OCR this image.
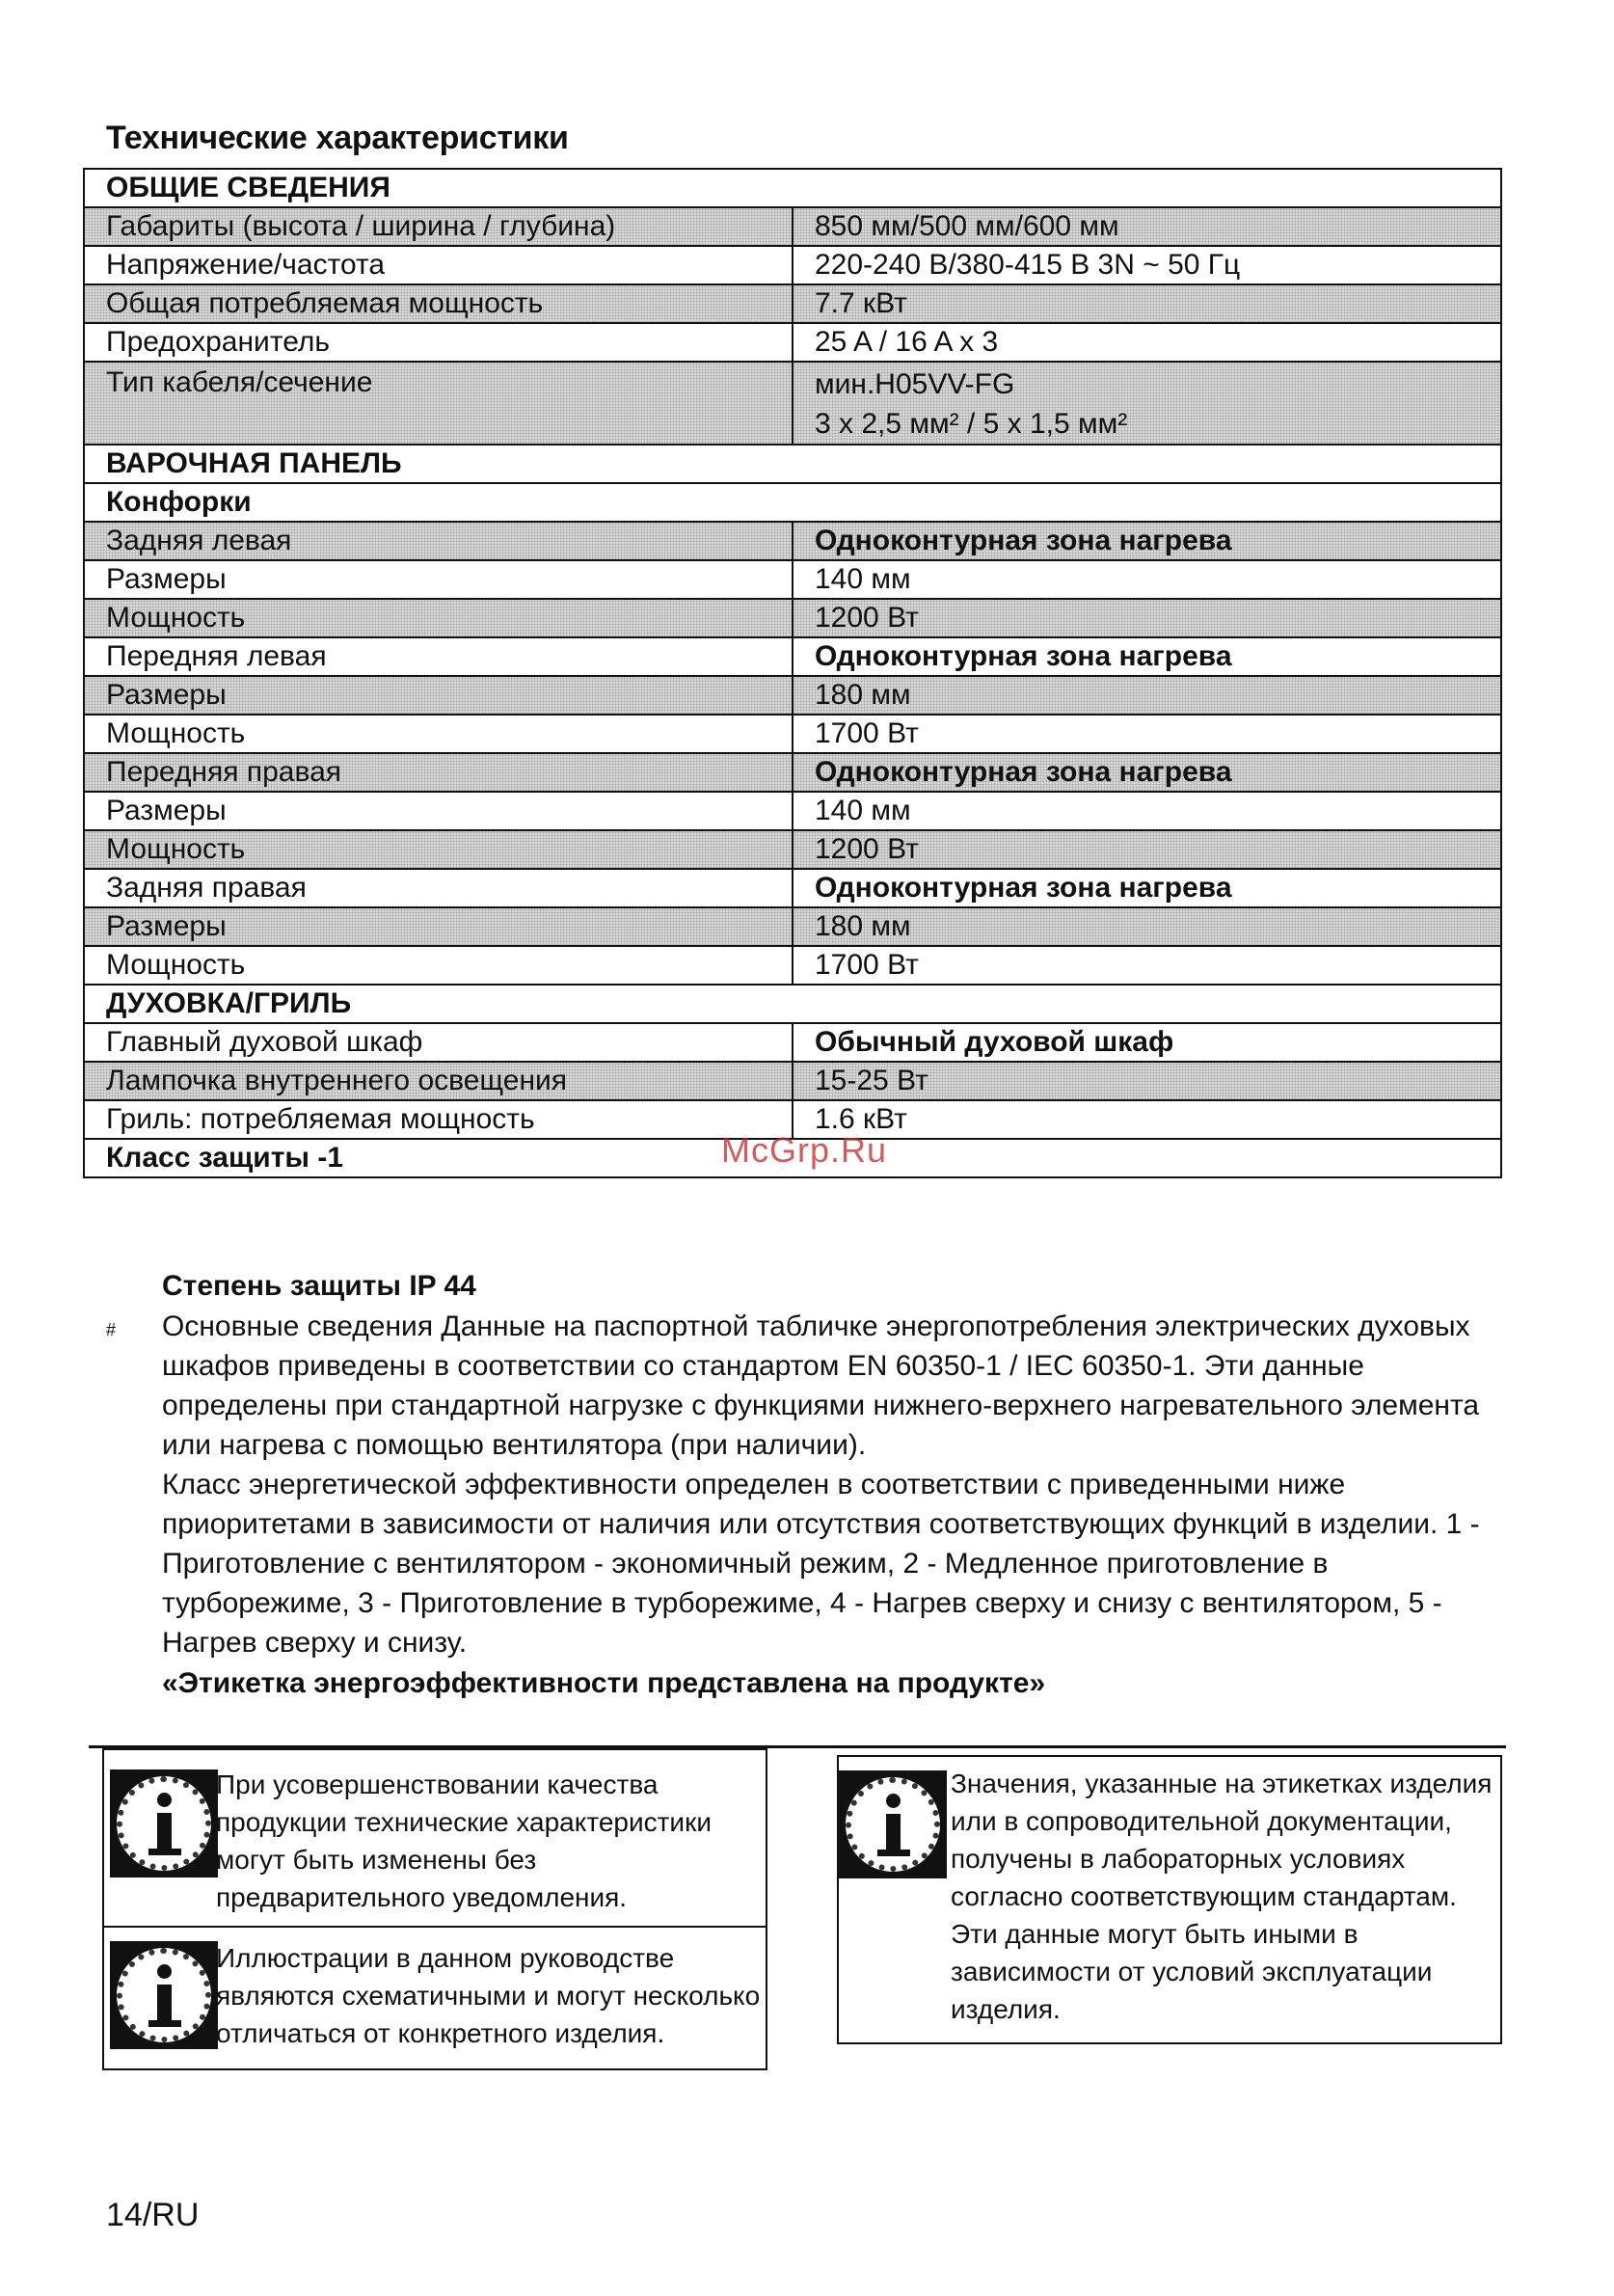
Технические характеристики
ОБЩИЕ СВЕДЕНИЯ	
Габариты (высота / ширина / глубина)	850 мм/500 мм/600 мм
Напряжение/частота	220-240 В/380-415 В 3N ~ 50 Гц
Общая потребляемая мощность	7.7 кВт
Предохранитель	25 A / 16 A x 3
Тип кабеля/сечение	мин.H05VV-FG
3 x 2,5 мм² / 5 x 1,5 мм²

ВАРОЧНАЯ ПАНЕЛЬ	
Конфорки	
Задняя левая	Одноконтурная зона нагрева
Размеры	140 мм
Мощность	1200 Вт
Передняя левая	Одноконтурная зона нагрева
Размеры	180 мм
Мощность	1700 Вт
Передняя правая	Одноконтурная зона нагрева
Размеры	140 мм
Мощность	1200 Вт
Задняя правая	Одноконтурная зона нагрева
Размеры	180 мм
Мощность	1700 Вт
ДУХОВКА/ГРИЛЬ	
Главный духовой шкаф	Обычный духовой шкаф
Лампочка внутреннего освещения	15-25 Вт
Гриль: потребляемая мощность	1.6 кВт
Класс защиты -1		McGrp.Ru
Степень защиты IP 44
# Основные сведения Данные на паспортной табличке энергопотребления электрических духовых шкафов приведены в соответствии со стандартом EN 60350-1 / IEC 60350-1. Эти данные определены при стандартной нагрузке с функциями нижнего-верхнего нагревательного элемента или нагрева с помощью вентилятора (при наличии).
Класс энергетической эффективности определен в соответствии с приведенными ниже приоритетами в зависимости от наличия или отсутствия соответствующих функций в изделии. 1 - Приготовление с вентилятором - экономичный режим, 2 - Медленное приготовление в турборежиме, 3 - Приготовление в турборежиме, 4 - Нагрев сверху и снизу с вентилятором, 5 - Нагрев сверху и снизу.
«Этикетка энергоэффективности представлена на продукте»
При усовершенствовании качества
продукции технические характеристики
могут быть изменены без
предварительного уведомления.
Иллюстрации в данном руководстве
являются схематичными и могут несколько
отличаться от конкретного изделия.
Значения, указанные на этикетках изделия
или в сопроводительной документации,
получены в лабораторных условиях
согласно соответствующим стандартам.
Эти данные могут быть иными в
зависимости от условий эксплуатации
изделия.
14/RU
